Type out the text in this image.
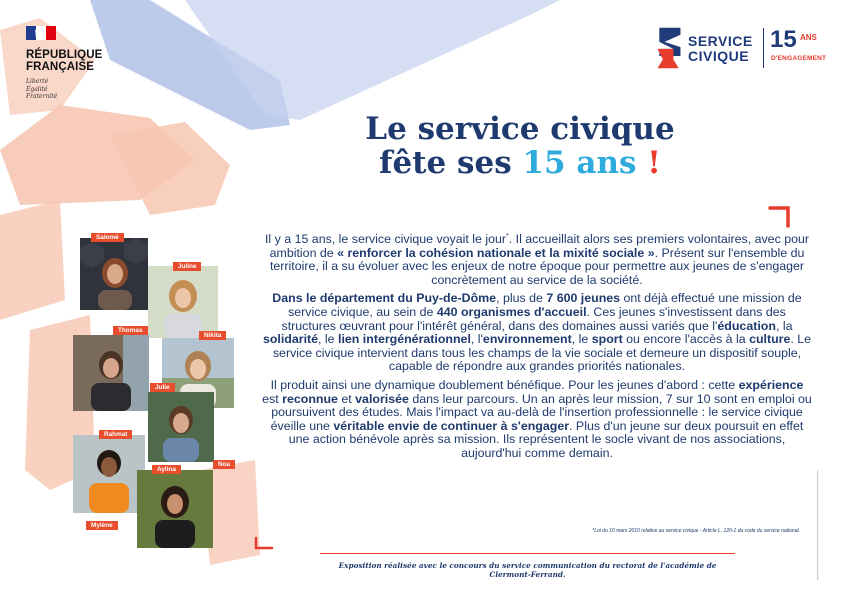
RÉPUBLIQUE
FRANÇAISE
Liberté
Égalité
Fraternité
SERVICE
CIVIQUE
15 ANS
D'ENGAGEMENT
Le service civique
fête ses 15 ans !
Salomé
Juline
Thomas
Nikita
Julie
Rahmat
Aylina
Noa
Mylène

Il y a 15 ans, le service civique voyait le jour*. Il accueillait alors ses premiers volontaires, avec pour ambition de « renforcer la cohésion nationale et la mixité sociale ». Présent sur l'ensemble du territoire, il a su évoluer avec les enjeux de notre époque pour permettre aux jeunes de s'engager concrètement au service de la société.

Dans le département du Puy-de-Dôme, plus de 7 600 jeunes ont déjà effectué une mission de service civique, au sein de 440 organismes d'accueil. Ces jeunes s'investissent dans des structures œuvrant pour l'intérêt général, dans des domaines aussi variés que l'éducation, la solidarité, le lien intergénérationnel, l'environnement, le sport ou encore l'accès à la culture. Le service civique intervient dans tous les champs de la vie sociale et demeure un dispositif souple, capable de répondre aux grandes priorités nationales.

Il produit ainsi une dynamique doublement bénéfique. Pour les jeunes d'abord : cette expérience est reconnue et valorisée dans leur parcours. Un an après leur mission, 7 sur 10 sont en emploi ou poursuivent des études. Mais l'impact va au-delà de l'insertion professionnelle : le service civique éveille une véritable envie de continuer à s'engager. Plus d'un jeune sur deux poursuit en effet une action bénévole après sa mission. Ils représentent le socle vivant de nos associations, aujourd'hui comme demain.

*Loi du 10 mars 2010 relative au service civique - Article L. 120-1 du code du service national.
Exposition réalisée avec le concours du service communication du rectorat de l'académie de Clermont-Ferrand.
